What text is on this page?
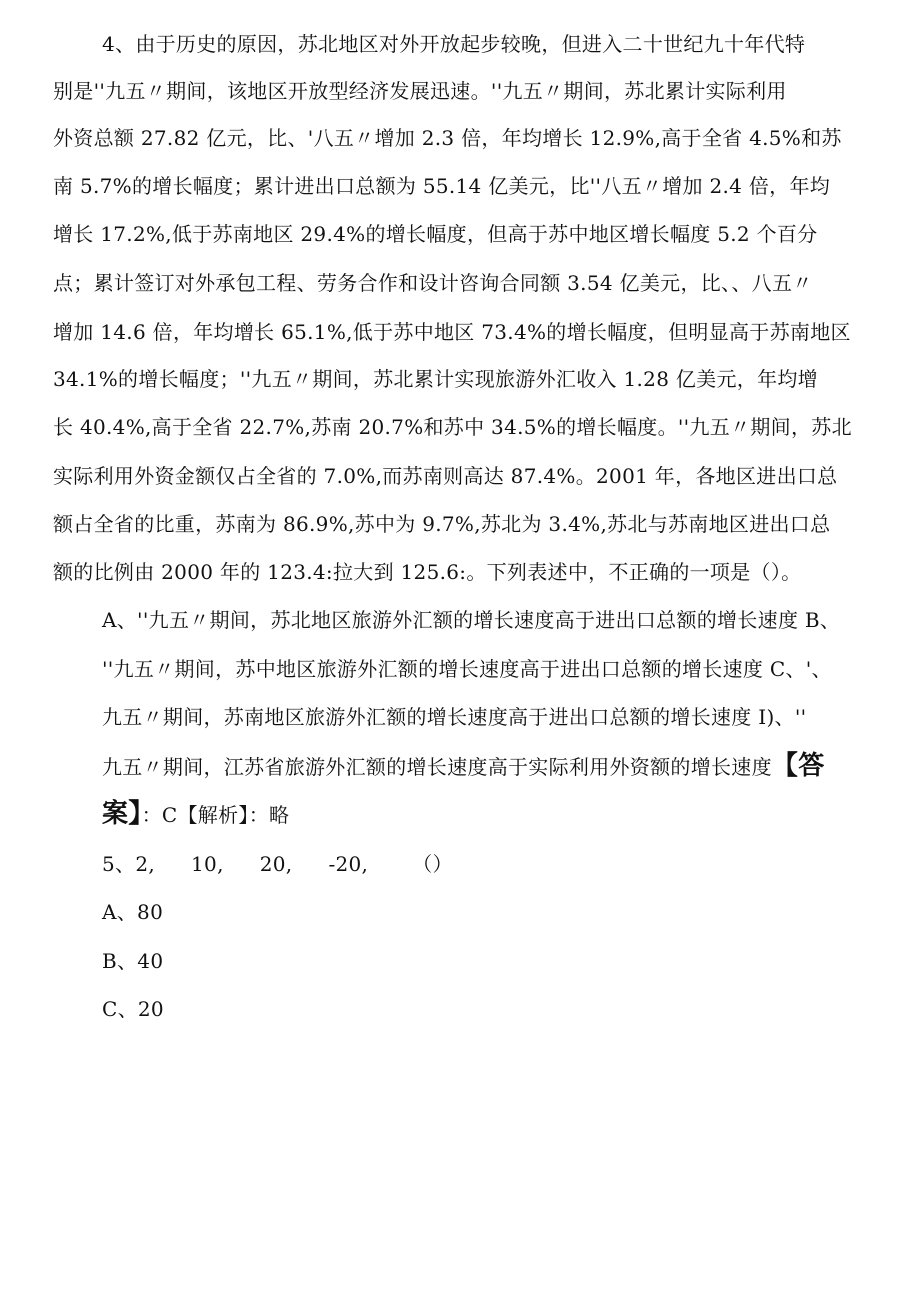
4、由于历史的原因，苏北地区对外开放起步较晚，但进入二十世纪九十年代特
别是''九五〃期间，该地区开放型经济发展迅速。''九五〃期间，苏北累计实际利用
外资总额 27.82 亿元，比、'八五〃增加 2.3 倍，年均增长 12.9%,高于全省 4.5%和苏
南 5.7%的增长幅度；累计进出口总额为 55.14 亿美元，比''八五〃增加 2.4 倍，年均
增长 17.2%,低于苏南地区 29.4%的增长幅度，但高于苏中地区增长幅度 5.2 个百分
点；累计签订对外承包工程、劳务合作和设计咨询合同额 3.54 亿美元，比、、八五〃
增加 14.6 倍，年均增长 65.1%,低于苏中地区 73.4%的增长幅度，但明显高于苏南地区
34.1%的增长幅度；''九五〃期间，苏北累计实现旅游外汇收入 1.28 亿美元，年均增
长 40.4%,高于全省 22.7%,苏南 20.7%和苏中 34.5%的增长幅度。''九五〃期间，苏北
实际利用外资金额仅占全省的 7.0%,而苏南则高达 87.4%。2001 年，各地区进出口总
额占全省的比重，苏南为 86.9%,苏中为 9.7%,苏北为 3.4%,苏北与苏南地区进出口总
额的比例由 2000 年的 123.4:拉大到 125.6:。下列表述中，不正确的一项是（）。
A、''九五〃期间，苏北地区旅游外汇额的增长速度高于进出口总额的增长速度 B、
''九五〃期间，苏中地区旅游外汇额的增长速度高于进出口总额的增长速度 C、'、
九五〃期间，苏南地区旅游外汇额的增长速度高于进出口总额的增长速度 I)、''
九五〃期间，江苏省旅游外汇额的增长速度高于实际利用外资额的增长速度【答
案】：C【解析】：略
5、2, 10, 20, -20, （）
A、80
B、40
C、20
